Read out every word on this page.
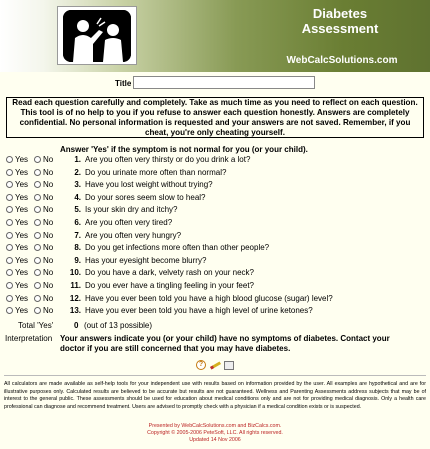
Diabetes
Assessment
WebCalcSolutions.com
Title
Read each question carefully and completely. Take as much time as you need to reflect on each question. This tool is of no help to you if you refuse to answer each question honestly. Answers are completely confidential. No personal information is requested and your answers are not saved. Remember, if you cheat, you're only cheating yourself.
Answer 'Yes' if the symptom is not normal for you (or your child).
Yes No	1. Are you often very thirsty or do you drink a lot?
Yes No	2. Do you urinate more often than normal?
Yes No	3. Have you lost weight without trying?
Yes No	4. Do your sores seem slow to heal?
Yes No	5. Is your skin dry and itchy?
Yes No	6. Are you often very tired?
Yes No	7. Are you often very hungry?
Yes No	8. Do you get infections more often than other people?
Yes No	9. Has your eyesight become blurry?
Yes No	10. Do you have a dark, velvety rash on your neck?
Yes No	11. Do you ever have a tingling feeling in your feet?
Yes No	12. Have you ever been told you have a high blood glucose (sugar) level?
Yes No	13. Have you ever been told you have a high level of urine ketones?
Total 'Yes'	0 (out of 13 possible)
Interpretation Your answers indicate you (or your child) have no symptoms of diabetes. Contact your doctor if you are still concerned that you may have diabetes.
?
All calculators are made available as self-help tools for your independent use with results based on information provided by the user. All examples are hypothetical and are for illustrative purposes only. Calculated results are believed to be accurate but results are not guaranteed. Wellness and Parenting Assessments address subjects that may be of interest to the general public. These assessments should be used for education about medical conditions only and are not for providing medical diagnosis. Only a health care professional can diagnose and recommend treatment. Users are advised to promptly check with a physician if a medical condition exists or is suspected.
Presented by WebCalcSolutions.com and BizCalcs.com.
Copyright © 2005-2006 PeteSoft, LLC. All rights reserved.
Updated 14 Nov 2006
